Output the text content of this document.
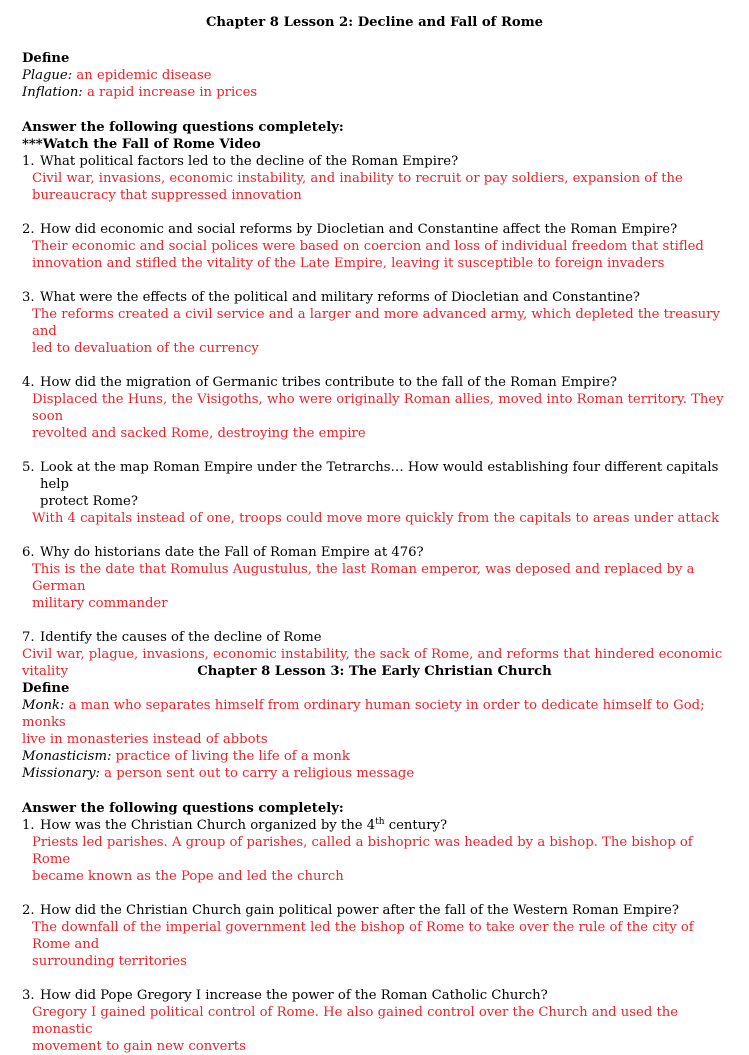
Chapter 8 Lesson 2: Decline and Fall of Rome
Define
Plague: an epidemic disease
Inflation: a rapid increase in prices
Answer the following questions completely:
***Watch the Fall of Rome Video
1. What political factors led to the decline of the Roman Empire?
Civil war, invasions, economic instability, and inability to recruit or pay soldiers, expansion of the
bureaucracy that suppressed innovation
2. How did economic and social reforms by Diocletian and Constantine affect the Roman Empire?
Their economic and social polices were based on coercion and loss of individual freedom that stifled
innovation and stifled the vitality of the Late Empire, leaving it susceptible to foreign invaders
3. What were the effects of the political and military reforms of Diocletian and Constantine?
The reforms created a civil service and a larger and more advanced army, which depleted the treasury and
led to devaluation of the currency
4. How did the migration of Germanic tribes contribute to the fall of the Roman Empire?
Displaced the Huns, the Visigoths, who were originally Roman allies, moved into Roman territory. They soon
revolted and sacked Rome, destroying the empire
5. Look at the map Roman Empire under the Tetrarchs… How would establishing four different capitals help
protect Rome?
With 4 capitals instead of one, troops could move more quickly from the capitals to areas under attack
6. Why do historians date the Fall of Roman Empire at 476?
This is the date that Romulus Augustulus, the last Roman emperor, was deposed and replaced by a German
military commander
7. Identify the causes of the decline of Rome
Civil war, plague, invasions, economic instability, the sack of Rome, and reforms that hindered economic
vitality	Chapter 8 Lesson 3: The Early Christian Church
Define
Monk: a man who separates himself from ordinary human society in order to dedicate himself to God; monks
live in monasteries instead of abbots
Monasticism: practice of living the life of a monk
Missionary: a person sent out to carry a religious message
Answer the following questions completely:
1. How was the Christian Church organized by the 4th century?
Priests led parishes. A group of parishes, called a bishopric was headed by a bishop. The bishop of Rome
became known as the Pope and led the church
2. How did the Christian Church gain political power after the fall of the Western Roman Empire?
The downfall of the imperial government led the bishop of Rome to take over the rule of the city of Rome and
surrounding territories
3. How did Pope Gregory I increase the power of the Roman Catholic Church?
Gregory I gained political control of Rome. He also gained control over the Church and used the monastic
movement to gain new converts
